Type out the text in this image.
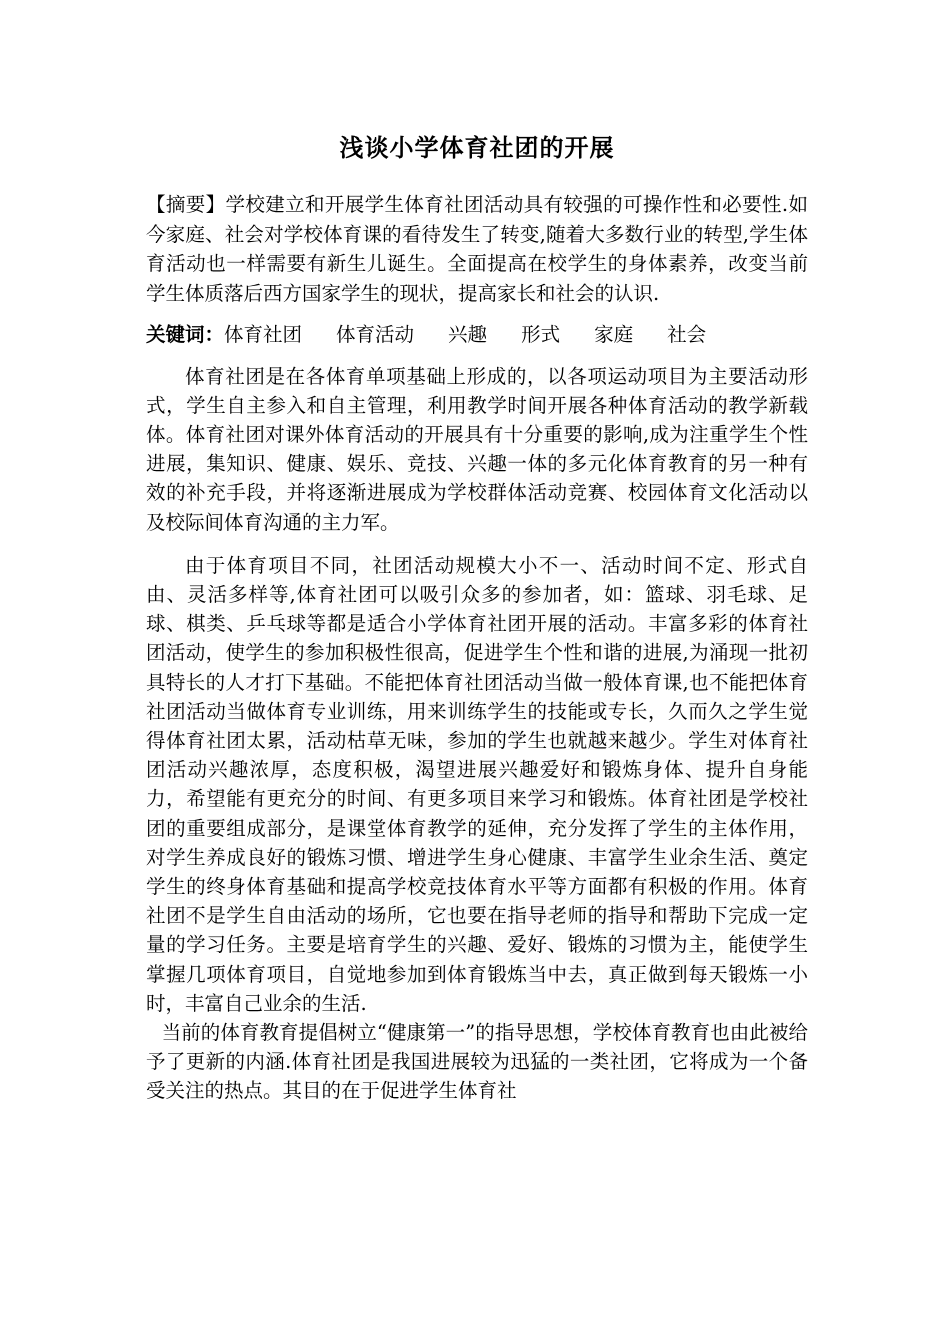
浅谈小学体育社团的开展

【摘要】学校建立和开展学生体育社团活动具有较强的可操作性和必要性.如今家庭、社会对学校体育课的看待发生了转变,随着大多数行业的转型,学生体育活动也一样需要有新生儿诞生。全面提高在校学生的身体素养，改变当前学生体质落后西方国家学生的现状，提高家长和社会的认识.

关键词：体育社团 体育活动 兴趣 形式 家庭 社会

体育社团是在各体育单项基础上形成的，以各项运动项目为主要活动形式，学生自主参入和自主管理，利用教学时间开展各种体育活动的教学新载体。体育社团对课外体育活动的开展具有十分重要的影响,成为注重学生个性进展，集知识、健康、娱乐、竞技、兴趣一体的多元化体育教育的另一种有效的补充手段，并将逐渐进展成为学校群体活动竞赛、校园体育文化活动以及校际间体育沟通的主力军。

由于体育项目不同，社团活动规模大小不一、活动时间不定、形式自由、灵活多样等,体育社团可以吸引众多的参加者，如：篮球、羽毛球、足球、棋类、乒乓球等都是适合小学体育社团开展的活动。丰富多彩的体育社团活动，使学生的参加积极性很高，促进学生个性和谐的进展,为涌现一批初具特长的人才打下基础。不能把体育社团活动当做一般体育课,也不能把体育社团活动当做体育专业训练，用来训练学生的技能或专长，久而久之学生觉得体育社团太累，活动枯草无味，参加的学生也就越来越少。学生对体育社团活动兴趣浓厚，态度积极，渴望进展兴趣爱好和锻炼身体、提升自身能力，希望能有更充分的时间、有更多项目来学习和锻炼。体育社团是学校社团的重要组成部分，是课堂体育教学的延伸，充分发挥了学生的主体作用，对学生养成良好的锻炼习惯、增进学生身心健康、丰富学生业余生活、奠定学生的终身体育基础和提高学校竞技体育水平等方面都有积极的作用。体育社团不是学生自由活动的场所，它也要在指导老师的指导和帮助下完成一定量的学习任务。主要是培育学生的兴趣、爱好、锻炼的习惯为主，能使学生掌握几项体育项目，自觉地参加到体育锻炼当中去，真正做到每天锻炼一小时，丰富自己业余的生活.

当前的体育教育提倡树立“健康第一”的指导思想，学校体育教育也由此被给予了更新的内涵.体育社团是我国进展较为迅猛的一类社团，它将成为一个备受关注的热点。其目的在于促进学生体育社
